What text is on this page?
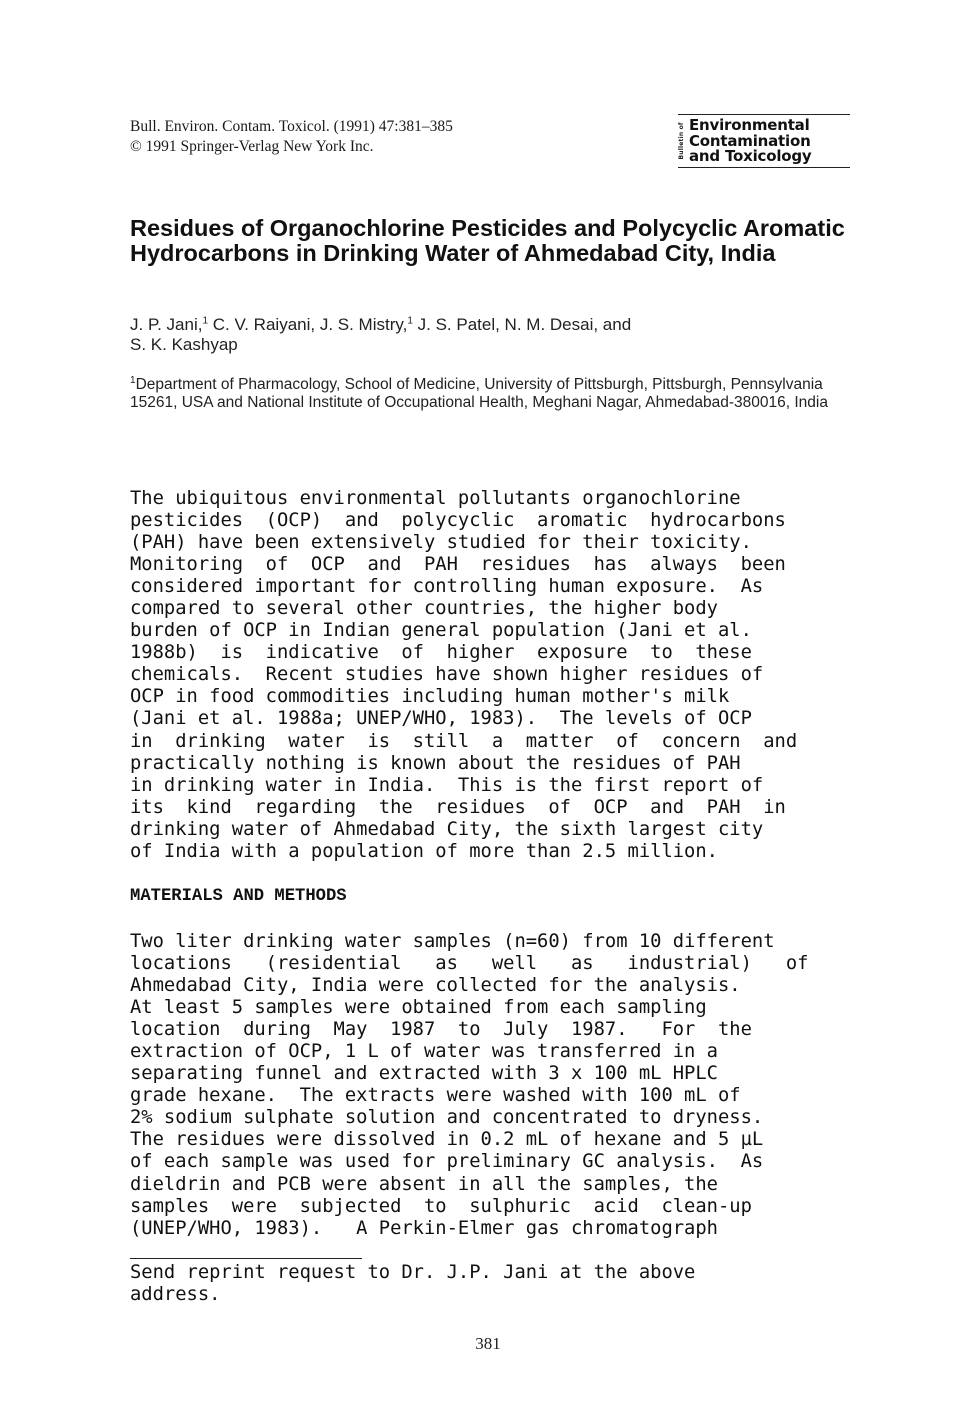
Bull. Environ. Contam. Toxicol. (1991) 47:381–385
© 1991 Springer-Verlag New York Inc.	Bulletin of Environmental
Contamination
and Toxicology
Residues of Organochlorine Pesticides and Polycyclic Aromatic Hydrocarbons in Drinking Water of Ahmedabad City, India
J. P. Jani,$^1$ C. V. Raiyani, J. S. Mistry,$^1$ J. S. Patel, N. M. Desai, and
S. K. Kashyap
$^1$Department of Pharmacology, School of Medicine, University of Pittsburgh, Pittsburgh, Pennsylvania 15261, USA and National Institute of Occupational Health, Meghani Nagar, Ahmedabad-380016, India
The ubiquitous environmental pollutants organochlorine
pesticides  (OCP)  and  polycyclic  aromatic  hydrocarbons
(PAH) have been extensively studied for their toxicity.
Monitoring  of  OCP  and  PAH  residues  has  always  been
considered important for controlling human exposure.  As
compared to several other countries, the higher body
burden of OCP in Indian general population (Jani et al.
1988b)  is  indicative  of  higher  exposure  to  these
chemicals.  Recent studies have shown higher residues of
OCP in food commodities including human mother's milk
(Jani et al. 1988a; UNEP/WHO, 1983).  The levels of OCP
in  drinking  water  is  still  a  matter  of  concern  and
practically nothing is known about the residues of PAH
in drinking water in India.  This is the first report of
its  kind  regarding  the  residues  of  OCP  and  PAH  in
drinking water of Ahmedabad City, the sixth largest city
of India with a population of more than 2.5 million.
MATERIALS AND METHODS
Two liter drinking water samples (n=60) from 10 different
locations   (residential   as   well   as   industrial)   of
Ahmedabad City, India were collected for the analysis.
At least 5 samples were obtained from each sampling
location  during  May  1987  to  July  1987.   For  the
extraction of OCP, 1 L of water was transferred in a
separating funnel and extracted with 3 x 100 mL HPLC
grade hexane.  The extracts were washed with 100 mL of
2% sodium sulphate solution and concentrated to dryness.
The residues were dissolved in 0.2 mL of hexane and 5 µL
of each sample was used for preliminary GC analysis.  As
dieldrin and PCB were absent in all the samples, the
samples  were  subjected  to  sulphuric  acid  clean-up
(UNEP/WHO, 1983).   A Perkin-Elmer gas chromatograph
Send reprint request to Dr. J.P. Jani at the above
address.
381
